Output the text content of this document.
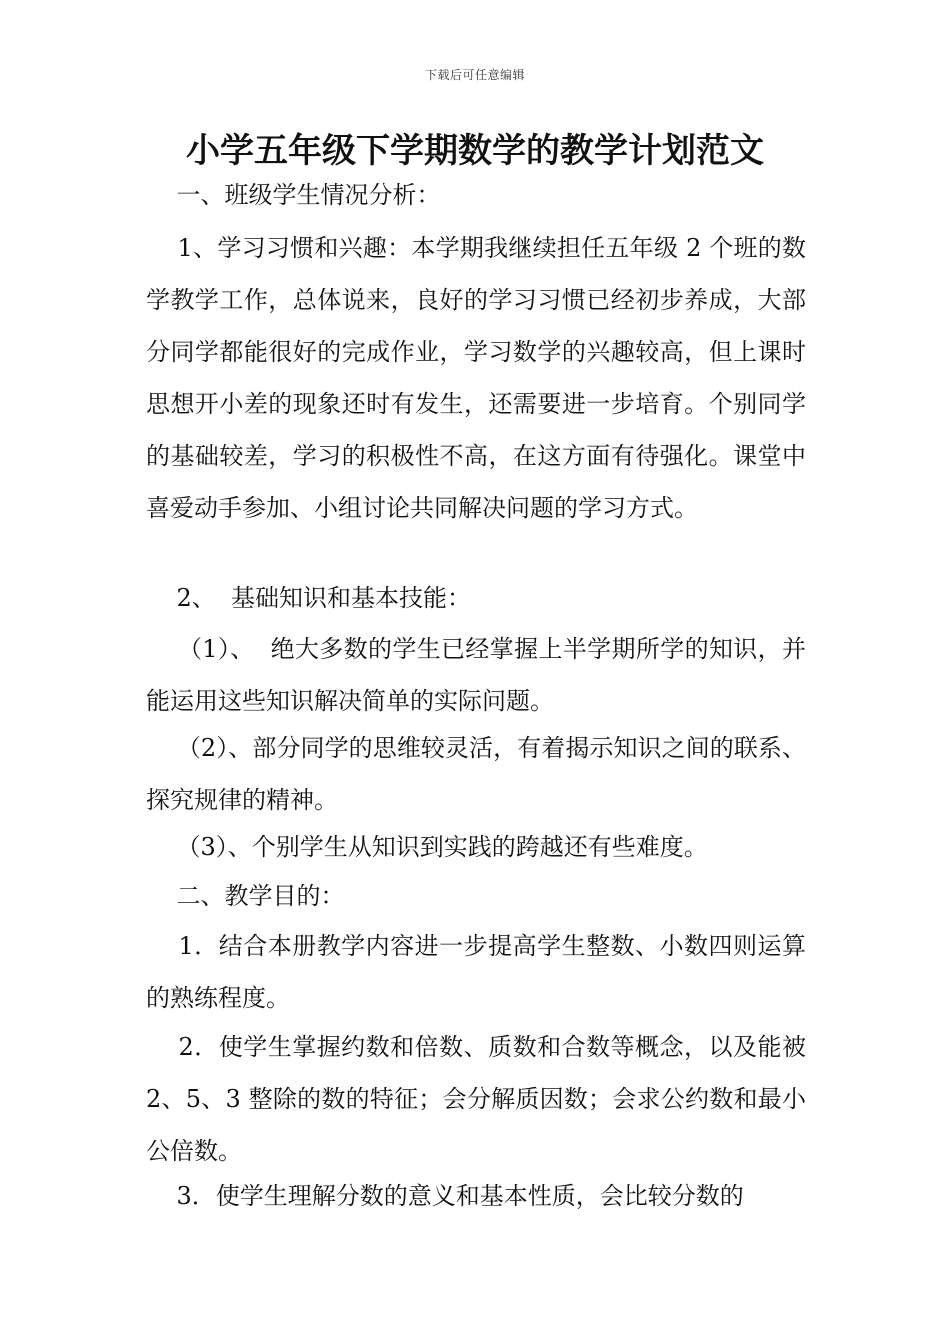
下载后可任意编辑
小学五年级下学期数学的教学计划范文
一、班级学生情况分析：
1、学习习惯和兴趣：本学期我继续担任五年级 2 个班的数学教学工作，总体说来，良好的学习习惯已经初步养成，大部分同学都能很好的完成作业，学习数学的兴趣较高，但上课时思想开小差的现象还时有发生，还需要进一步培育。个别同学的基础较差，学习的积极性不高，在这方面有待强化。课堂中喜爱动手参加、小组讨论共同解决问题的学习方式。
2、  基础知识和基本技能：
（1）、  绝大多数的学生已经掌握上半学期所学的知识，并能运用这些知识解决简单的实际问题。
（2）、部分同学的思维较灵活，有着揭示知识之间的联系、探究规律的精神。
（3）、个别学生从知识到实践的跨越还有些难度。
二、教学目的：
1．结合本册教学内容进一步提高学生整数、小数四则运算的熟练程度。
2．使学生掌握约数和倍数、质数和合数等概念，以及能被 2、5、3 整除的数的特征；会分解质因数；会求公约数和最小公倍数。
3．使学生理解分数的意义和基本性质，会比较分数的
